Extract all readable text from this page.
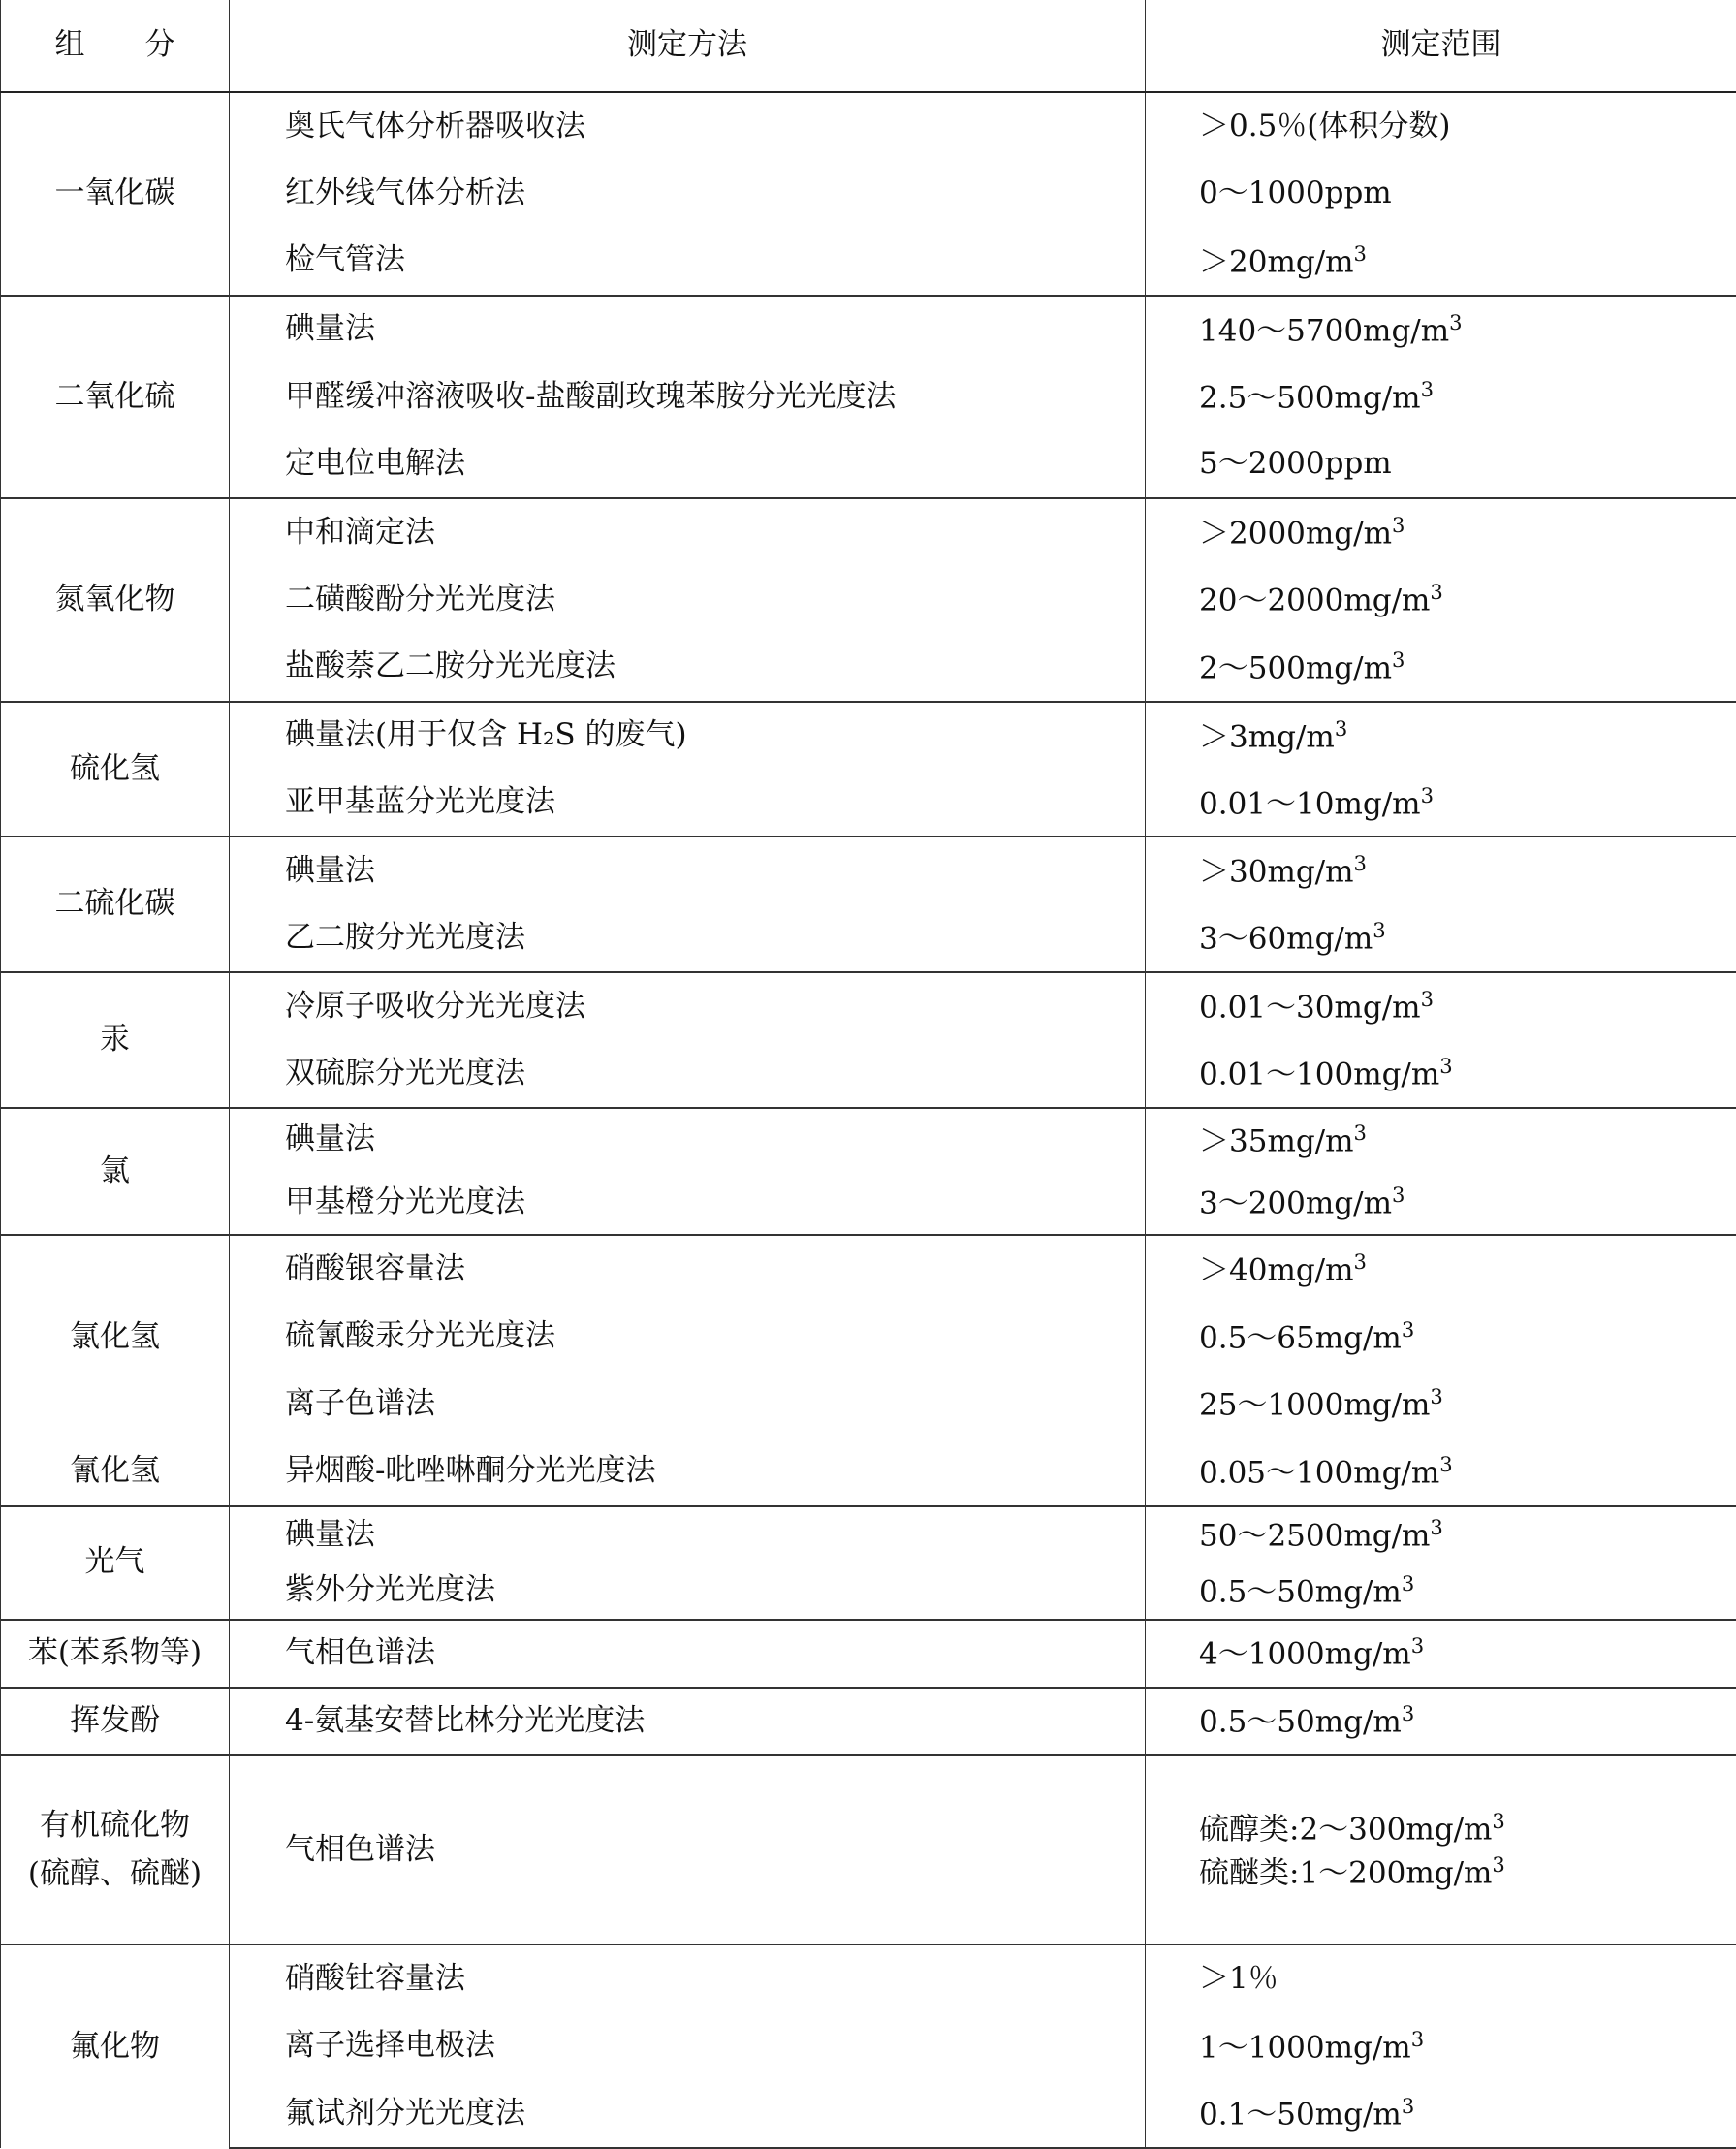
组　　分	测定方法	测定范围

一氧化碳	奥氏气体分析器吸收法	＞0.5％(体积分数)

	红外线气体分析法	0～1000ppm

	检气管法	$>20mg/m^3$

二氧化硫	碘量法	$140\sim 5700mg/m^3$

	甲醛缓冲溶液吸收-盐酸副玫瑰苯胺分光光度法	$2.5\sim 500mg/m^3$

	定电位电解法	5～2000ppm

氮氧化物	中和滴定法	$>2000mg/m^3$

	二磺酸酚分光光度法	$20\sim 2000mg/m^3$

	盐酸萘乙二胺分光光度法	$2\sim 500mg/m^3$

硫化氢	碘量法(用于仅含 H₂S 的废气)	$>3mg/m^3$

	亚甲基蓝分光光度法	$0.01\sim 10mg/m^3$

二硫化碳	碘量法	$>30mg/m^3$

	乙二胺分光光度法	$3\sim 60mg/m^3$

汞	冷原子吸收分光光度法	$0.01\sim 30mg/m^3$

	双硫腙分光光度法	$0.01\sim 100mg/m^3$

氯	碘量法	$>35mg/m^3$

	甲基橙分光光度法	$3\sim 200mg/m^3$

氯化氢	硝酸银容量法	$>40mg/m^3$

	硫氰酸汞分光光度法	$0.5\sim 65mg/m^3$

	离子色谱法	$25\sim 1000mg/m^3$

氰化氢	异烟酸-吡唑啉酮分光光度法	$0.05\sim 100mg/m^3$

光气	碘量法	$50\sim 2500mg/m^3$

	紫外分光光度法	$0.5\sim 50mg/m^3$

苯(苯系物等)	气相色谱法	$4\sim 1000mg/m^3$

挥发酚	4-氨基安替比林分光光度法	$0.5\sim 50mg/m^3$

有机硫化物
(硫醇、硫醚)	气相色谱法	硫醇类$:2\sim 300mg/m^3$
硫醚类$:1\sim 200mg/m^3$

氟化物	硝酸钍容量法	＞1％

	离子选择电极法	$1\sim 1000mg/m^3$

	氟试剂分光光度法	$0.1\sim 50mg/m^3$
